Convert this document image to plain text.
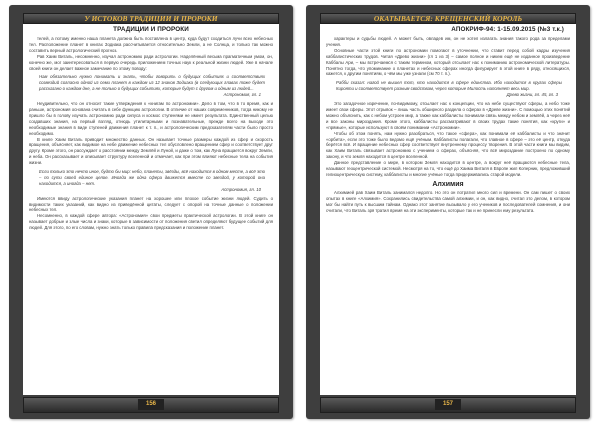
У ИСТОКОВ ТРАДИЦИИ И ПРОРОКИ
ТРАДИЦИИ И ПРОРОКИ

телей, а потому именно наша планета должна быть поставлена в центр, куда будут сходиться лучи всех небесных тел. Расположение планет в книгах Зодиака рассчитывается относительно Земли, а не Солнца, и только так можно составить верный астрологический прогноз.

Рав Хаим Виталь, несомненно, изучал астрономию ради астрологии. Наделённый весьма прагматичным умом, он, конечно же, мог заинтересоваться в первую очередь приложением точных наук к реальной жизни людей. Уже в начале своей книги он делает важное замечание по этому поводу:

Нам обязательно нужно понимать и знать, чтобы говорить о будущих событиях и соответствиях созвездий согласно одной из семи планет в каждом из 12 знаков Зодиака (в следующих главах тоже будет рассказано о каждом дне, а не только о будущих событиях, которые будут с другом и одним из людей...

Астрономия, гл. 1

Неудивительно, что он относит такие утверждения к «книгам по астрономии». Дело в том, что в то время, как и раньше, астрономия основана считать в себе функцию астрологии. В отличие от наших современников, тогда никому не пришло бы в голову изучать астрономию ради сипуса и космос ступенями не имеет результата. Единственный целью создавших знания, на первый взгляд, отнюдь утилитарными и познавательные, прежде всего на выходе это необходимые знания в виде ступеней движения планет к т. п., и астрологическим предсказателям части было просто необходимо.

В книге Хаим Виталь приводит множество данных. Он называет точные размеры каждой из сфер и скорость вращения, объясняет, как видимое на небе движение небесных тел обусловлено вращением сфер и соответствует друг другу. Кроме этого, он рассуждает о расстоянии между Землёй и Луной, и даже о том, как Луна вращается вокруг Земли, и неба. Он рассказывает и описывает структуру вселенной и отмечает, как при этом влияют небесные тела на события жизни.

Если только это нечто иное, будто бы мир: небо, планеты, звёзды, всё находится в одном месте, а всё это – по сути своей единое целое. Иногда же одна сфера движется вместе со звездой, у которой она находится, а иногда – нет.

Астрономия, гл. 10

Имеются ввиду астрологические указания планет на хорошее или плохое событие жизни людей. Судить о видимости таких указаний, как видно из приведённой цитаты, следует с опорой на точные данные о положении небесных тел.

Несомненно, в каждой сфере автора: «Астрономия» свои предметы практической астрологии. В этой книге он называет добрые и злые числа и знаки, которые в зависимости от положения светил определяют будущее событий для людей. Для этого, по его словам, нужно знать только правила предсказания и положение планет.

156
ОКАТЫВАЕТСЯ: КРЕЩЕНСКИЙ КОРОЛЬ
АПОКРИФ-94: 1-15.09.2015 (№3 т.к.)

характеры и судьбы людей. А может быть, овладев им, он не хотел излагать знания такого рода за пределами учения.

Основные части этой книги по астрономии помогают в уточнении, что ставит перед собой кадры изучения каббалистических трудов. Читая «Древо жизни» (гл 1 из 3) – самое полное и никем ещё не изданное произведение Каббалы Ари, – мы встречаемся с таким термином, который отсылает нас к пониманию астрономической литературы. Понятно тогда, что упоминание о планетах и небесных сферах иногда фигурирует в этой книге в ряду, относящихся, кажется, к другим понятиям, о чём мы уже узнали (cм 70 т. п.).

Рабби сказал: нагой не вышел тот, кто находится в сфере единства. Ибо находится в кругах сферы Кирояти и соответствует разным свойствам, через которые Милость наполняет весь мир.

Древо жизни, гл. 45, гл. 3

Это загадочное изречение, по-видимому, отсылает нас к концепции, что на небе существуют сферы, а небо тоже имеет свои сферы. Этот отрывок – лишь часть обширного раздела о сферах в «Древе жизни». С помощью этих понятий можно объяснить, как с небом устроен мир, а также как каббалисты понимали связь между небом и землёй, а через неё и все законы мироздания. Кроме этого, каббалисты рассматривают в своих трудах такие понятия, как «круги» и «прямые», которые используют в своём понимании «Астрономии».

Чтобы об этом понять, нам нужно разобраться, что такое «сфера», как понимали её каббалисты и что значит «орбита», если это тоже было ведомо ещё учёным. Каббалисты полагали, что главное в сфере – это её центр, откуда берётся всё. И вращение небесных сфер соответствует внутреннему процессу творения. В этой части книги мы видим, как Хаим Виталь связывает астрономию с учением о сферах, объясняя, что всё мироздание построено по одному закону, и что земля находится в центре вселенной.

Данное представление о мире, в котором Земля находится в центре, а вокруг неё вращаются небесные тела, называют геоцентрической системой. Несмотря на то, что ещё до Хаима Виталя в Европе жил Коперник, предложивший гелиоцентрическую систему, каббалисты и многие учёные тогда придерживались старой модели.

Алхимия

Алхимией рав Хаим Виталь занимался недолго. Но это он потратил много сил и времени. Он сам пишет о своих опытах в книге «Алхимия». Сохранились свидетельства самой алхимии, и он, как видно, считал это делом, в котором мог бы найти путь к высшим тайнам. Однако этот занятие вызывало у его учеников и последователей сомнения, и они считали, что Виталь зря тратил время на эти эксперименты, которые так и не принесли ему результата.

157
